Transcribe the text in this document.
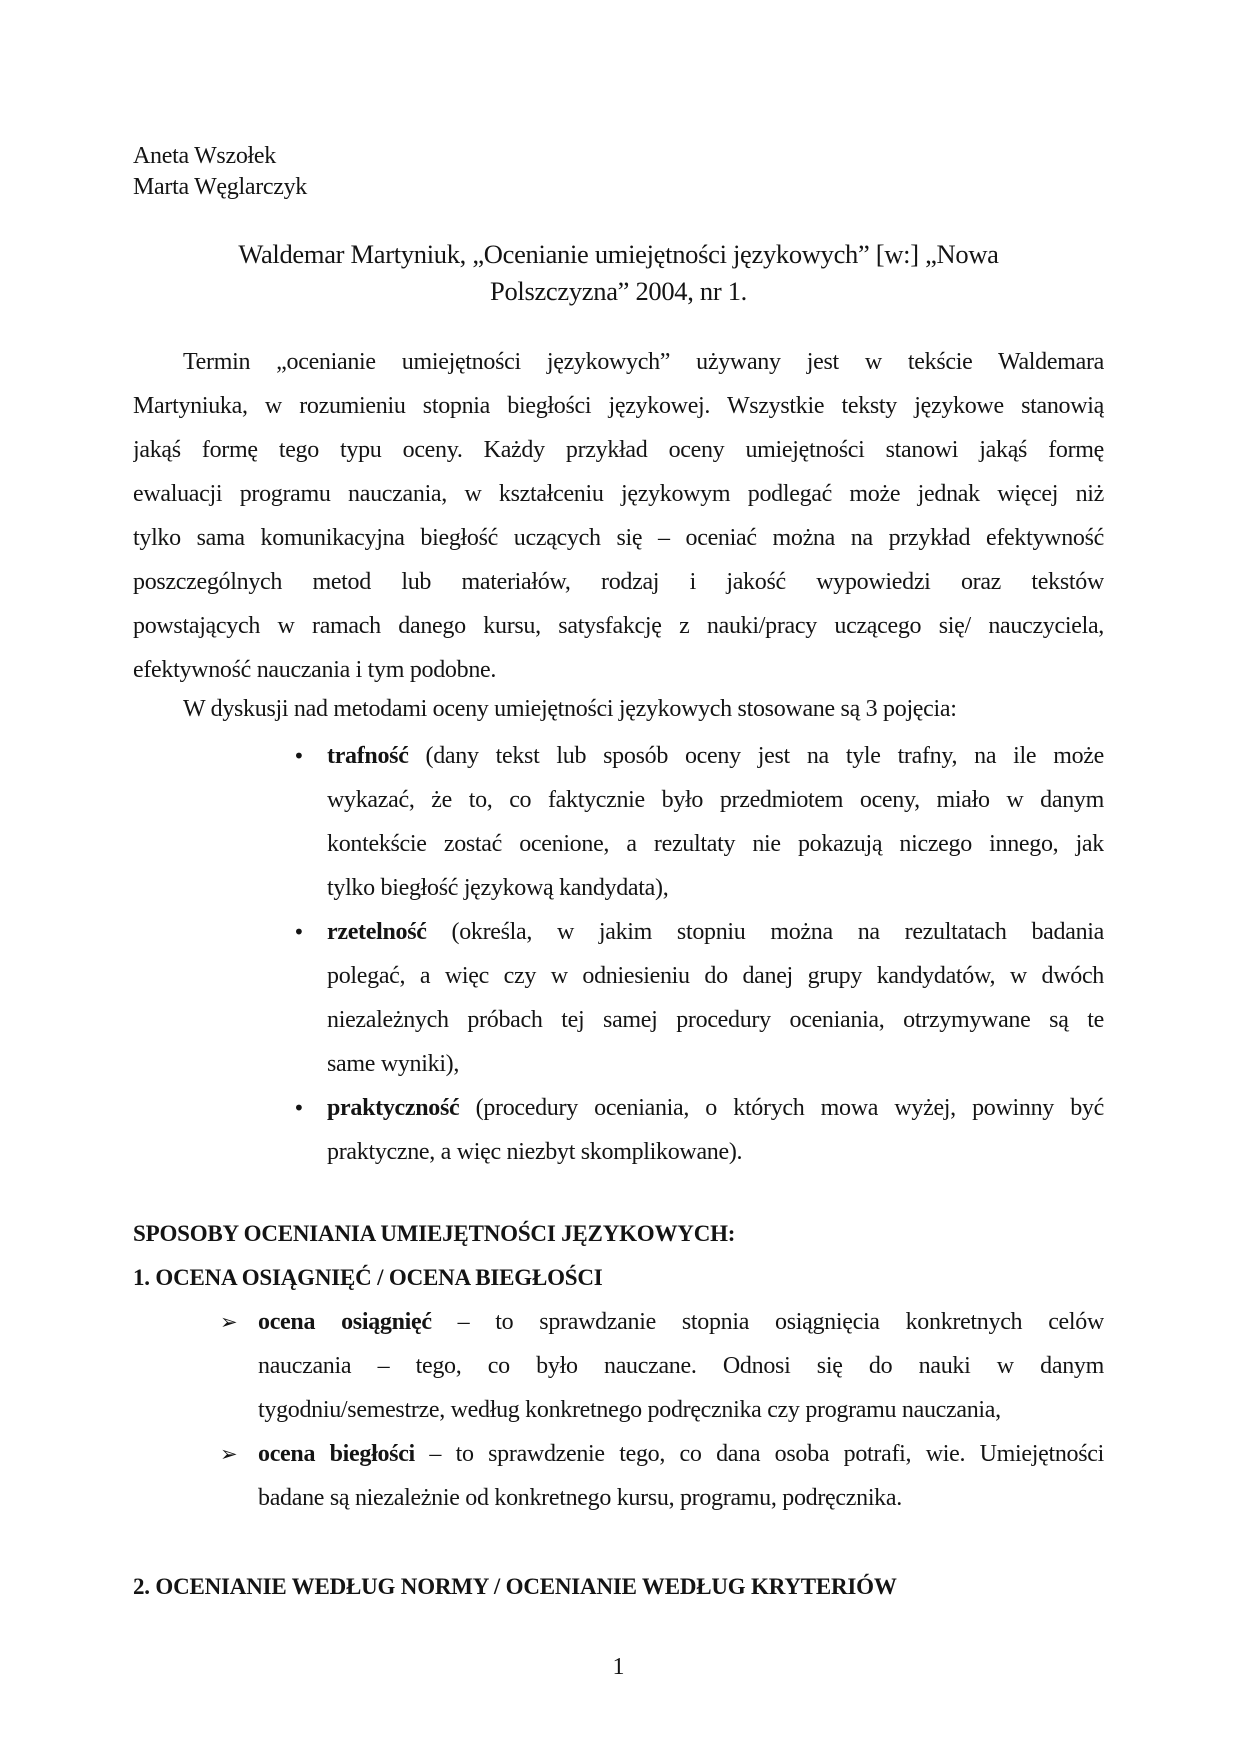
Aneta Wszołek
Marta Węglarczyk
Waldemar Martyniuk, „Ocenianie umiejętności językowych” [w:] „Nowa
Polszczyzna” 2004, nr 1.
Termin „ocenianie umiejętności językowych” używany jest w tekście Waldemara
Martyniuka, w rozumieniu stopnia biegłości językowej. Wszystkie teksty językowe stanowią
jakąś formę tego typu oceny. Każdy przykład oceny umiejętności stanowi jakąś formę
ewaluacji programu nauczania, w kształceniu językowym podlegać może jednak więcej niż
tylko sama komunikacyjna biegłość uczących się – oceniać można na przykład efektywność
poszczególnych metod lub materiałów, rodzaj i jakość wypowiedzi oraz tekstów
powstających w ramach danego kursu, satysfakcję z nauki/pracy uczącego się/ nauczyciela,
efektywność nauczania i tym podobne.
W dyskusji nad metodami oceny umiejętności językowych stosowane są 3 pojęcia:
• trafność (dany tekst lub sposób oceny jest na tyle trafny, na ile może
wykazać, że to, co faktycznie było przedmiotem oceny, miało w danym
kontekście zostać ocenione, a rezultaty nie pokazują niczego innego, jak
tylko biegłość językową kandydata),
• rzetelność (określa, w jakim stopniu można na rezultatach badania
polegać, a więc czy w odniesieniu do danej grupy kandydatów, w dwóch
niezależnych próbach tej samej procedury oceniania, otrzymywane są te
same wyniki),
• praktyczność (procedury oceniania, o których mowa wyżej, powinny być
praktyczne, a więc niezbyt skomplikowane).
SPOSOBY OCENIANIA UMIEJĘTNOŚCI JĘZYKOWYCH:
1. OCENA OSIĄGNIĘĆ / OCENA BIEGŁOŚCI
➢ ocena osiągnięć – to sprawdzanie stopnia osiągnięcia konkretnych celów
nauczania – tego, co było nauczane. Odnosi się do nauki w danym
tygodniu/semestrze, według konkretnego podręcznika czy programu nauczania,
➢ ocena biegłości – to sprawdzenie tego, co dana osoba potrafi, wie. Umiejętności
badane są niezależnie od konkretnego kursu, programu, podręcznika.
2. OCENIANIE WEDŁUG NORMY / OCENIANIE WEDŁUG KRYTERIÓW
1
